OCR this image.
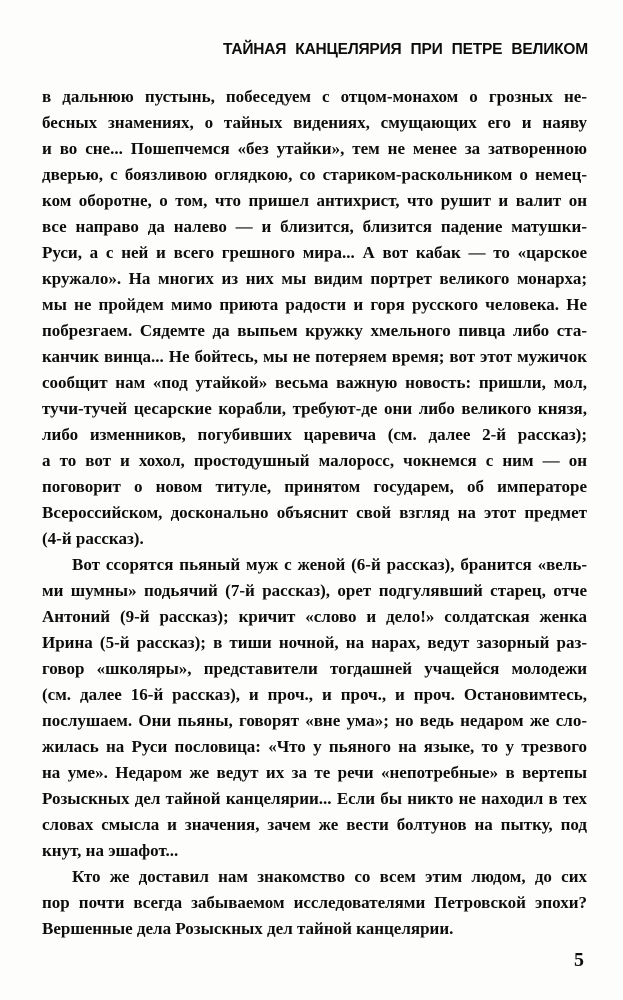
ТАЙНАЯ КАНЦЕЛЯРИЯ ПРИ ПЕТРЕ ВЕЛИКОМ
в дальнюю пустынь, побеседуем с отцом-монахом о грозных не-
бесных знамениях, о тайных видениях, смущающих его и наяву
и во сне... Пошепчемся «без утайки», тем не менее за затворенною
дверью, с боязливою оглядкою, со стариком-раскольником о немец-
ком оборотне, о том, что пришел антихрист, что рушит и валит он
все направо да налево — и близится, близится падение матушки-
Руси, а с ней и всего грешного мира... А вот кабак — то «царское
кружало». На многих из них мы видим портрет великого монарха;
мы не пройдем мимо приюта радости и горя русского человека. Не
побрезгаем. Сядемте да выпьем кружку хмельного пивца либо ста-
канчик винца... Не бойтесь, мы не потеряем время; вот этот мужичок
сообщит нам «под утайкой» весьма важную новость: пришли, мол,
тучи-тучей цесарские корабли, требуют-де они либо великого князя,
либо изменников, погубивших царевича (см. далее 2-й рассказ);
а то вот и хохол, простодушный малоросс, чокнемся с ним — он
поговорит о новом титуле, принятом государем, об императоре
Всероссийском, досконально объяснит свой взгляд на этот предмет
(4-й рассказ).
Вот ссорятся пьяный муж с женой (6-й рассказ), бранится «вель-
ми шумны» подьячий (7-й рассказ), орет подгулявший старец, отче
Антоний (9-й рассказ); кричит «слово и дело!» солдатская женка
Ирина (5-й рассказ); в тиши ночной, на нарах, ведут зазорный раз-
говор «школяры», представители тогдашней учащейся молодежи
(см. далее 16-й рассказ), и проч., и проч., и проч. Остановимтесь,
послушаем. Они пьяны, говорят «вне ума»; но ведь недаром же сло-
жилась на Руси пословица: «Что у пьяного на языке, то у трезвого
на уме». Недаром же ведут их за те речи «непотребные» в вертепы
Розыскных дел тайной канцелярии... Если бы никто не находил в тех
словах смысла и значения, зачем же вести болтунов на пытку, под
кнут, на эшафот...
Кто же доставил нам знакомство со всем этим людом, до сих
пор почти всегда забываемом исследователями Петровской эпохи?
Вершенные дела Розыскных дел тайной канцелярии.
5
